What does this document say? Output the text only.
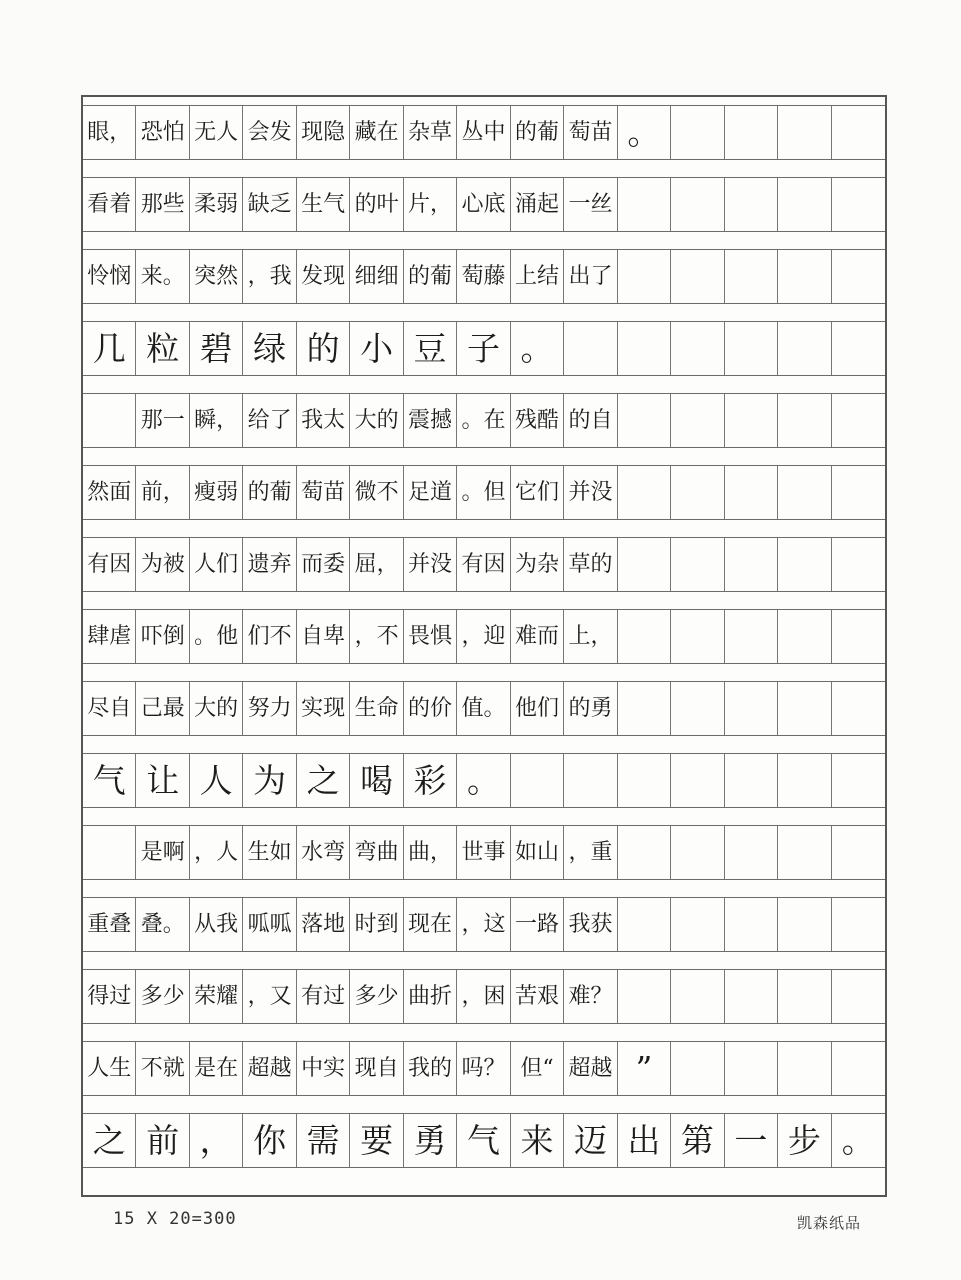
眼， 恐怕 无人 会发 现隐 藏在 杂草 丛中 的葡 萄苗 。
看着 那些 柔弱 缺乏 生气 的叶 片， 心底 涌起 一丝
怜悯 来。 突然 ，我 发现 细细 的葡 萄藤 上结 出了
几 粒 碧 绿 的 小 豆 子 。

那一 瞬， 给了 我太 大的 震撼 。在 残酷 的自
然面 前， 瘦弱 的葡 萄苗 微不 足道 。但 它们 并没
有因 为被 人们 遗弃 而委 屈， 并没 有因 为杂 草的
肆虐 吓倒 。他 们不 自卑 ，不 畏惧 ，迎 难而 上，
尽自 己最 大的 努力 实现 生命 的价 值。 他们 的勇
气 让 人 为 之 喝 彩 。

是啊 ，人 生如 水弯 弯曲 曲， 世事 如山 ，重
重叠 叠。 从我 呱呱 落地 时到 现在 ，这 一路 我获
得过 多少 荣耀 ，又 有过 多少 曲折 ，困 苦艰 难？
人生 不就 是在 超越 中实 现自 我的 吗？ 但“ 超越 ”
之 前 ， 你 需 要 勇 气 来 迈 出 第 一 步 。
15 X 20=300	凯森纸品
